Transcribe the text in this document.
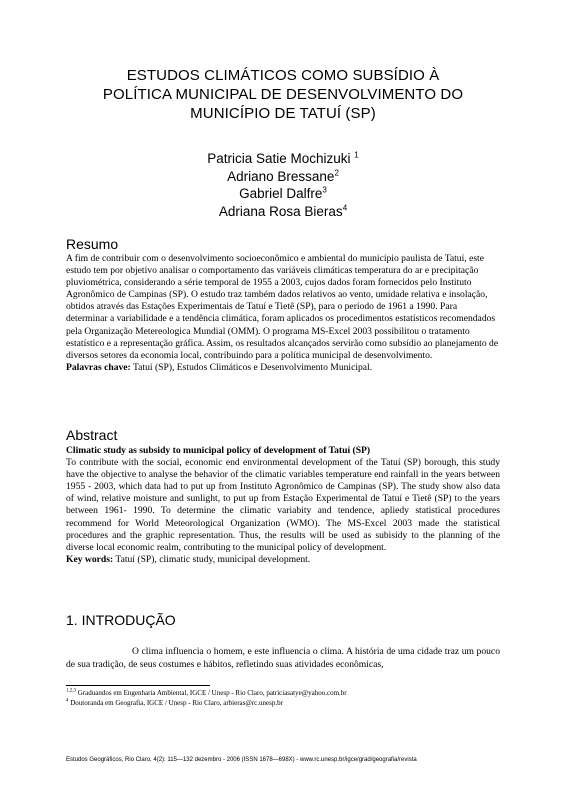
ESTUDOS CLIMÁTICOS COMO SUBSÍDIO À
POLÍTICA MUNICIPAL DE DESENVOLVIMENTO DO
MUNICÍPIO DE TATUÍ (SP)
Patricia Satie Mochizuki $^1$
Adriano Bressane$^2$
Gabriel Dalfre$^3$
Adriana Rosa Bieras$^4$
Resumo
A fim de contribuir com o desenvolvimento socioeconômico e ambiental do município paulista de Tatuí, este estudo tem por objetivo analisar o comportamento das variáveis climáticas temperatura do ar e precipitação pluviométrica, considerando a série temporal de 1955 a 2003, cujos dados foram fornecidos pelo Instituto Agronômico de Campinas (SP). O estudo traz também dados relativos ao vento, umidade relativa e insolação, obtidos através das Estações Experimentais de Tatuí e Tietê (SP), para o período de 1961 a 1990. Para determinar a variabilidade e a tendência climática, foram aplicados os procedimentos estatísticos recomendados pela Organização Metereologica Mundial (OMM). O programa MS-Excel 2003 possibilitou o tratamento estatístico e a representação gráfica. Assim, os resultados alcançados servirão como subsídio ao planejamento de diversos setores da economia local, contribuindo para a política municipal de desenvolvimento.
Palavras chave: Tatuí (SP), Estudos Climáticos e Desenvolvimento Municipal.
Abstract
Climatic study as subsidy to municipal policy of development of Tatuí (SP)
To contribute with the social, economic end environmental development of the Tatuí (SP) borough, this study have the objective to analyse the behavior of the climatic variables temperature end rainfall in the years between 1955 - 2003, which data had to put up from Instituto Agronômico de Campinas (SP). The study show also data of wind, relative moisture and sunlight, to put up from Estação Experimental de Tatuí e Tietê (SP) to the years between 1961- 1990. To determine the climatic variabity and tendence, apliedy statistical procedures recommend for World Meteorological Organization (WMO). The MS-Excel 2003 made the statistical procedures and the graphic representation. Thus, the results will be used as subisidy to the planning of the diverse local economic realm, contributing to the municipal policy of development.
Key words: Tatuí (SP), climatic study, municipal development.
1. INTRODUÇÃO
O clima influencia o homem, e este influencia o clima. A história de uma cidade traz um pouco de sua tradição, de seus costumes e hábitos, refletindo suas atividades econômicas,
$^{1,2,3}$ Graduandos em Engenharia Ambiental, IGCE / Unesp - Rio Claro, patriciasatye@yahoo.com.br
$^4$ Doutoranda em Geografia, IGCE / Unesp - Rio Claro, arbieras@rc.unesp.br
Estudos Geográficos, Rio Claro, 4(2): 115—132 dezembro - 2006 (ISSN 1678—698X) - www.rc.unesp.br/igce/grad/geografia/revista
